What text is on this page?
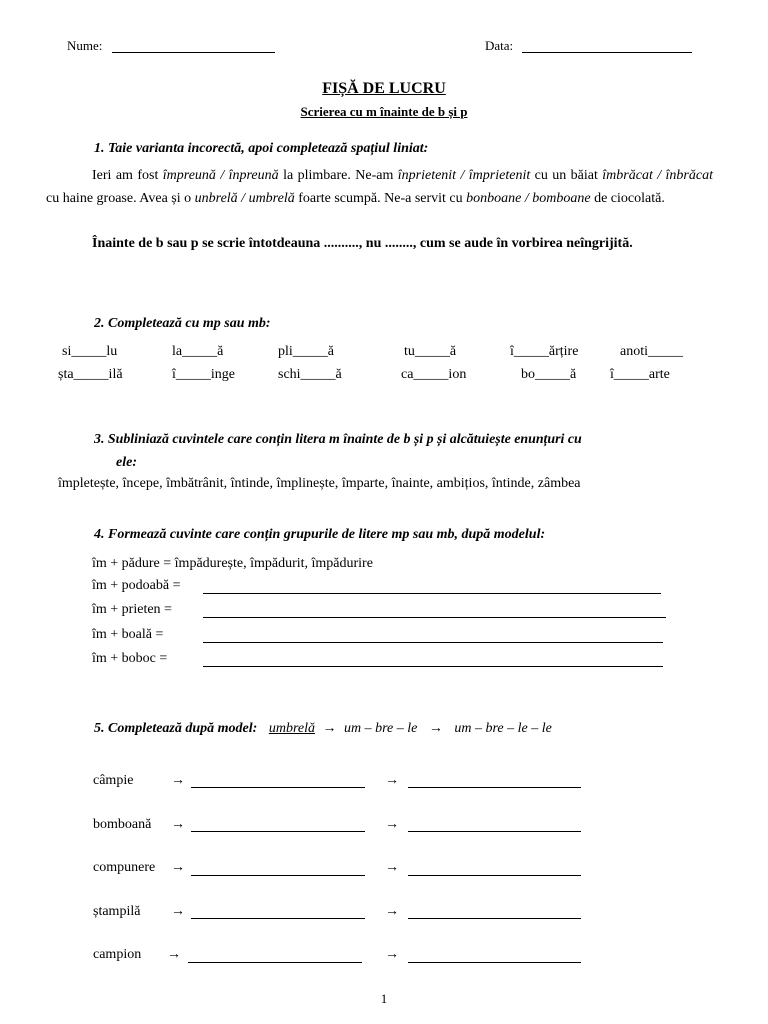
Nume:	Data:
FIȘĂ DE LUCRU
Scrierea cu m înainte de b și p
1. Taie varianta incorectă, apoi completează spațiul liniat:
Ieri am fost împreună / înpreună la plimbare. Ne-am înprietenit / împrietenit cu un băiat îmbrăcat / înbrăcat cu haine groase. Avea și o unbrelă / umbrelă foarte scumpă. Ne-a servit cu bonboane / bomboane de ciocolată.
Înainte de b sau p se scrie întotdeauna .........., nu ........, cum se aude în vorbirea neîngrijită.
2. Completează cu mp sau mb:
si_____lu	la_____ă	pli_____ă	tu_____ă	î_____ărțire	anoti_____
șta_____ilă	î_____inge	schi_____ă	ca_____ion	bo_____ă î_____arte
3. Subliniază cuvintele care conțin litera m înainte de b și p și alcătuiește enunțuri cu
ele:
împletește, începe, îmbătrânit, întinde, împlinește, împarte, înainte, ambițios, întinde, zâmbea
4. Formează cuvinte care conțin grupurile de litere mp sau mb, după modelul:
îm + pădure = împădurește, împădurit, împădurire
îm + podoabă =
îm + prieten =
îm + boală =
îm + boboc =
5. Completează după model: umbrelă → um – bre – le → um – bre – le – le
câmpie	→	→
bomboană →	→
compunere →	→
ștampilă →	→
campion →	→
1
